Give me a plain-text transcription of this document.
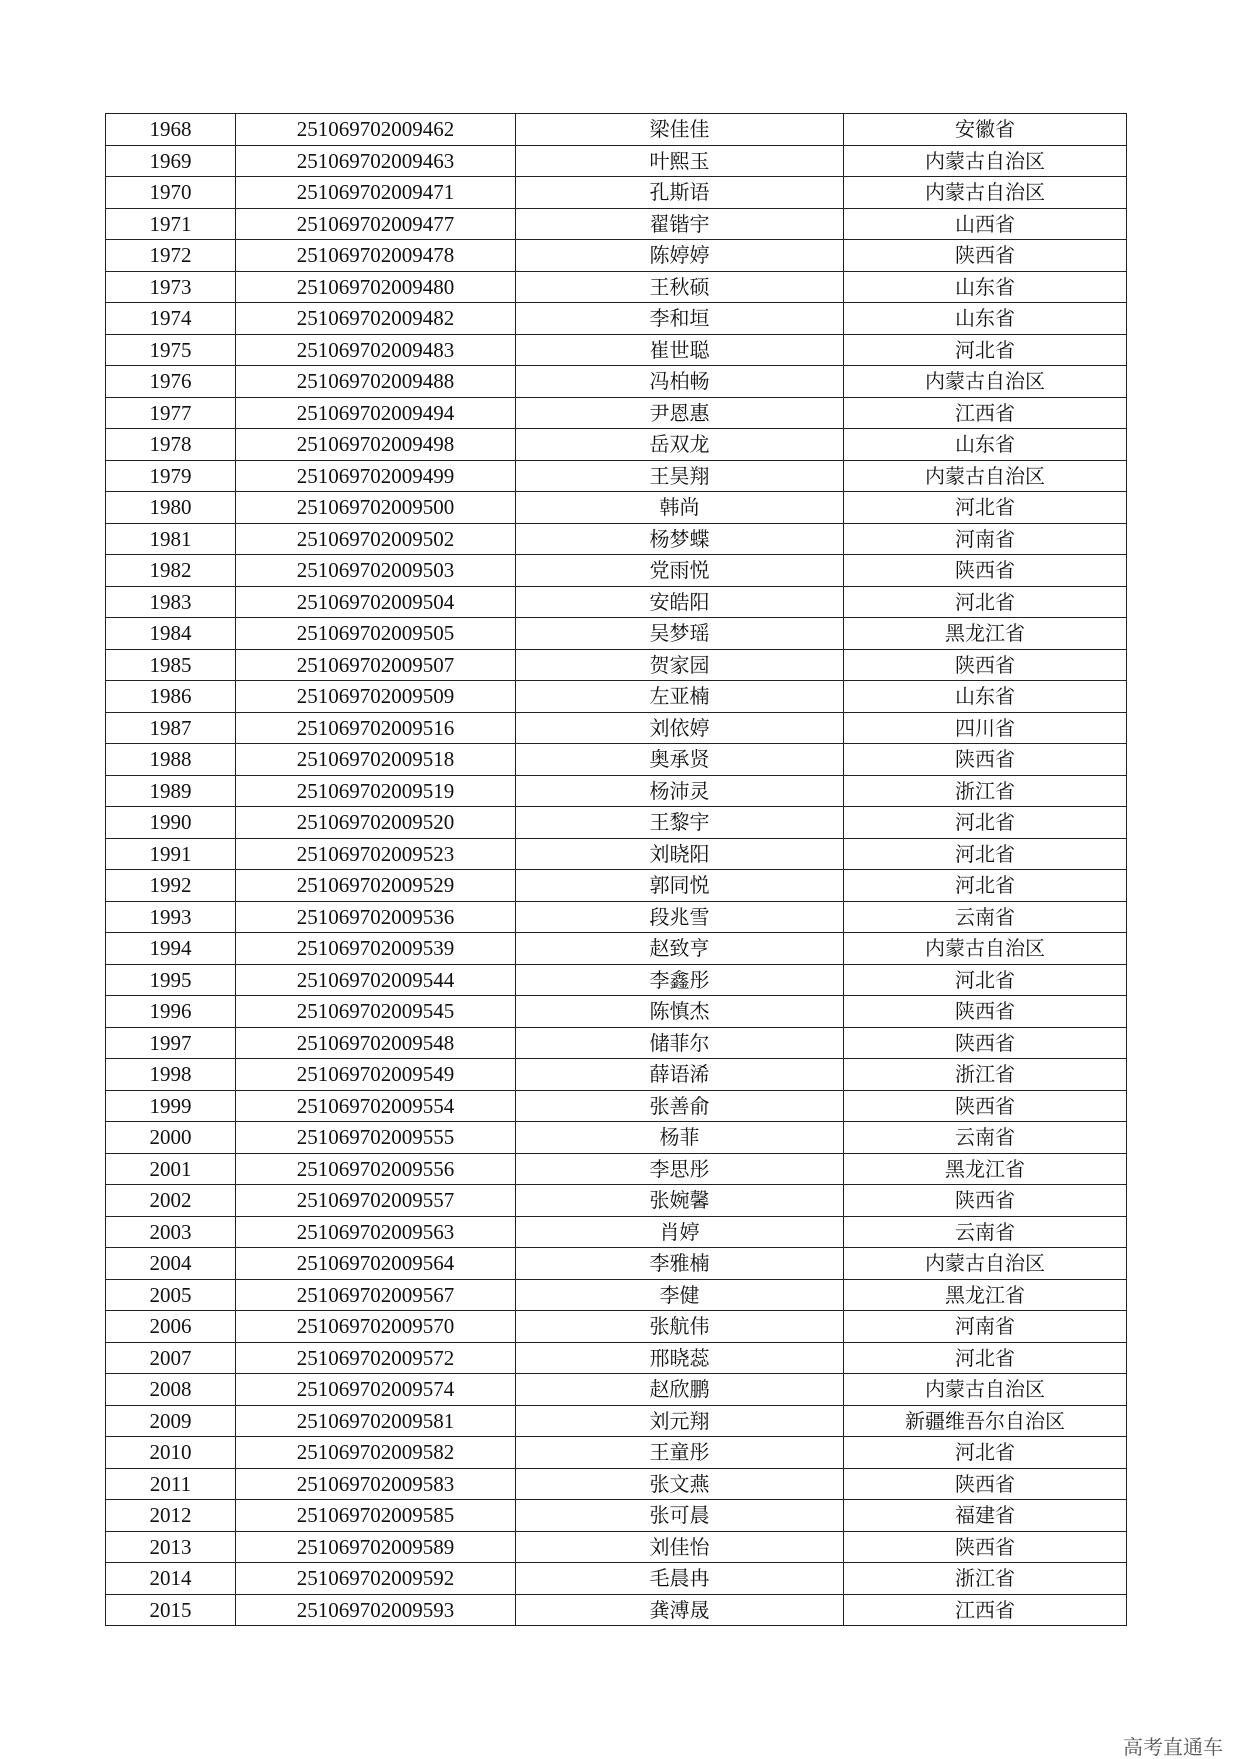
1968	251069702009462	梁佳佳	安徽省
1969	251069702009463	叶熙玉	内蒙古自治区
1970	251069702009471	孔斯语	内蒙古自治区
1971	251069702009477	翟锴宇	山西省
1972	251069702009478	陈婷婷	陕西省
1973	251069702009480	王秋硕	山东省
1974	251069702009482	李和垣	山东省
1975	251069702009483	崔世聪	河北省
1976	251069702009488	冯柏畅	内蒙古自治区
1977	251069702009494	尹恩惠	江西省
1978	251069702009498	岳双龙	山东省
1979	251069702009499	王昊翔	内蒙古自治区
1980	251069702009500	韩尚	河北省
1981	251069702009502	杨梦蝶	河南省
1982	251069702009503	党雨悦	陕西省
1983	251069702009504	安皓阳	河北省
1984	251069702009505	吴梦瑶	黑龙江省
1985	251069702009507	贺家园	陕西省
1986	251069702009509	左亚楠	山东省
1987	251069702009516	刘依婷	四川省
1988	251069702009518	奥承贤	陕西省
1989	251069702009519	杨沛灵	浙江省
1990	251069702009520	王黎宇	河北省
1991	251069702009523	刘晓阳	河北省
1992	251069702009529	郭同悦	河北省
1993	251069702009536	段兆雪	云南省
1994	251069702009539	赵致亨	内蒙古自治区
1995	251069702009544	李鑫彤	河北省
1996	251069702009545	陈慎杰	陕西省
1997	251069702009548	储菲尔	陕西省
1998	251069702009549	薛语浠	浙江省
1999	251069702009554	张善俞	陕西省
2000	251069702009555	杨菲	云南省
2001	251069702009556	李思彤	黑龙江省
2002	251069702009557	张婉馨	陕西省
2003	251069702009563	肖婷	云南省
2004	251069702009564	李雅楠	内蒙古自治区
2005	251069702009567	李健	黑龙江省
2006	251069702009570	张航伟	河南省
2007	251069702009572	邢晓蕊	河北省
2008	251069702009574	赵欣鹏	内蒙古自治区
2009	251069702009581	刘元翔	新疆维吾尔自治区
2010	251069702009582	王童彤	河北省
2011	251069702009583	张文燕	陕西省
2012	251069702009585	张可晨	福建省
2013	251069702009589	刘佳怡	陕西省
2014	251069702009592	毛晨冉	浙江省
2015	251069702009593	龚溥晟	江西省
高考直通车
